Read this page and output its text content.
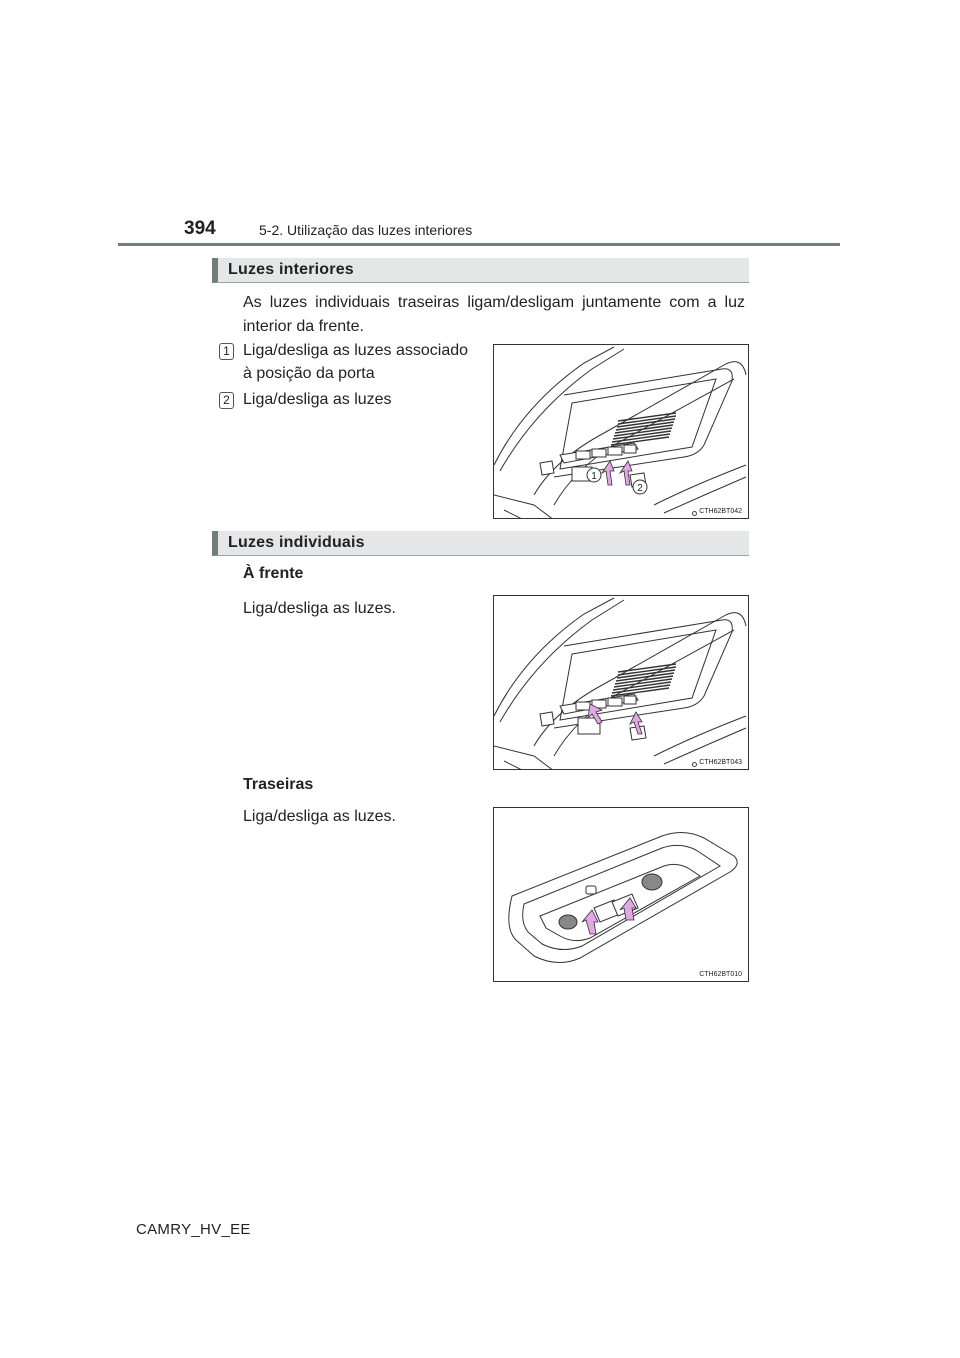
394	5-2. Utilização das luzes interiores
Luzes interiores
As luzes individuais traseiras ligam/desligam juntamente com a luz interior da frente.
1 Liga/desliga as luzes associado
à posição da porta
2 Liga/desliga as luzes
1
2
CTH62BT042
Luzes individuais
À frente
Liga/desliga as luzes.
CTH62BT043
Traseiras
Liga/desliga as luzes.
CTH62BT010
CAMRY_HV_EE
